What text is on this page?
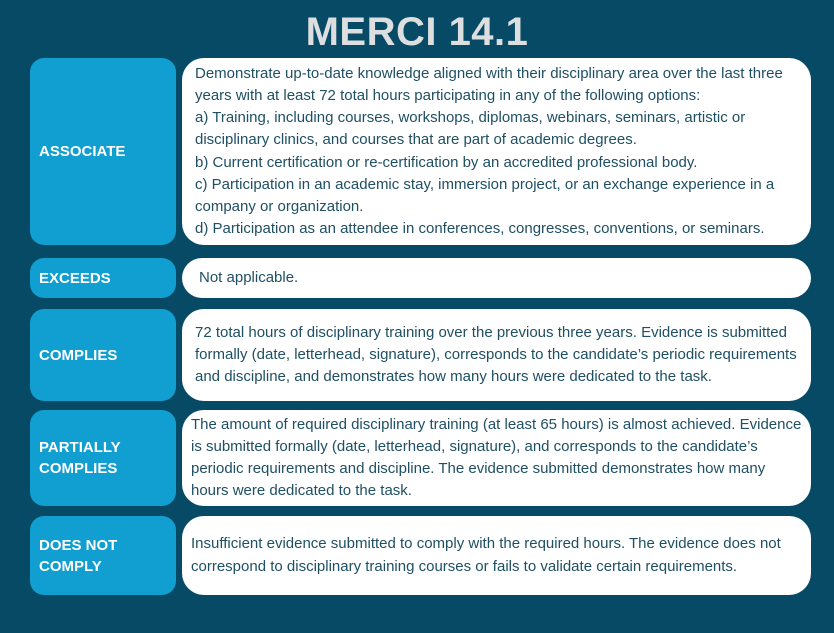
MERCI 14.1
ASSOCIATE

Demonstrate up-to-date knowledge aligned with their disciplinary area over the last three years with at least 72 total hours participating in any of the following options:

a) Training, including courses, workshops, diplomas, webinars, seminars, artistic or disciplinary clinics, and courses that are part of academic degrees.

b) Current certification or re-certification by an accredited professional body.

c) Participation in an academic stay, immersion project, or an exchange experience in a company or organization.

d) Participation as an attendee in conferences, congresses, conventions, or seminars.

EXCEEDS	Not applicable.

COMPLIES

72 total hours of disciplinary training over the previous three years. Evidence is submitted formally (date, letterhead, signature), corresponds to the candidate’s periodic requirements and discipline, and demonstrates how many hours were dedicated to the task.

PARTIALLY
COMPLIES

The amount of required disciplinary training (at least 65 hours) is almost achieved. Evidence is submitted formally (date, letterhead, signature), and corresponds to the candidate’s periodic requirements and discipline. The evidence submitted demonstrates how many hours were dedicated to the task.

DOES NOT
COMPLY

Insufficient evidence submitted to comply with the required hours. The evidence does not correspond to disciplinary training courses or fails to validate certain requirements.
